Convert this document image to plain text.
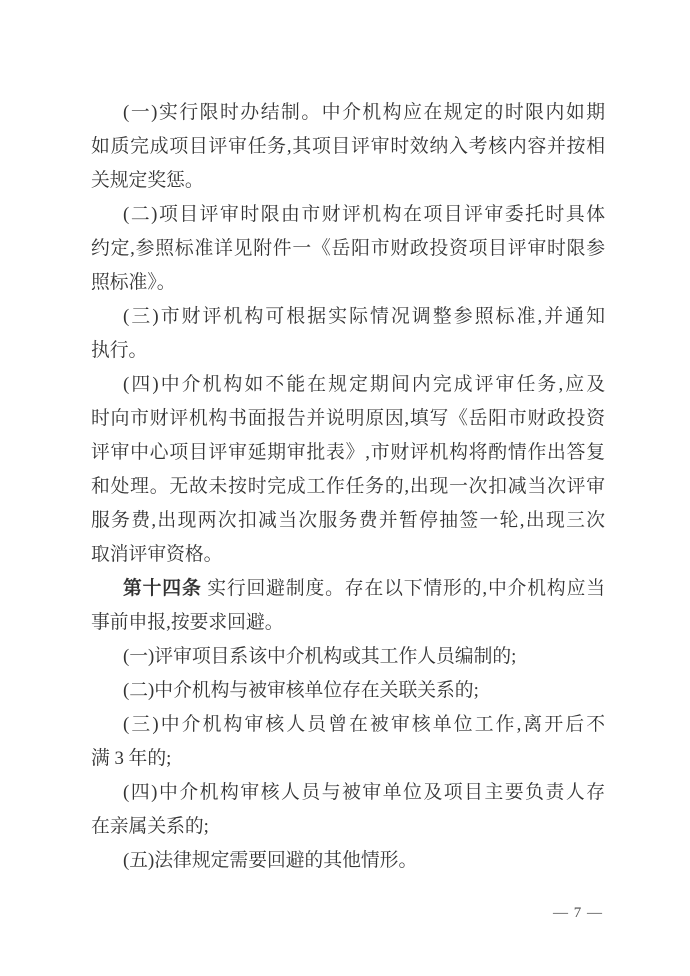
(一)实行限时办结制。中介机构应在规定的时限内如期
如质完成项目评审任务,其项目评审时效纳入考核内容并按相
关规定奖惩。
(二)项目评审时限由市财评机构在项目评审委托时具体
约定,参照标准详见附件一《岳阳市财政投资项目评审时限参
照标准》。
(三)市财评机构可根据实际情况调整参照标准,并通知
执行。
(四)中介机构如不能在规定期间内完成评审任务,应及
时向市财评机构书面报告并说明原因,填写《岳阳市财政投资
评审中心项目评审延期审批表》,市财评机构将酌情作出答复
和处理。无故未按时完成工作任务的,出现一次扣减当次评审
服务费,出现两次扣减当次服务费并暂停抽签一轮,出现三次
取消评审资格。
第十四条 实行回避制度。存在以下情形的,中介机构应当
事前申报,按要求回避。
(一)评审项目系该中介机构或其工作人员编制的;
(二)中介机构与被审核单位存在关联关系的;
(三)中介机构审核人员曾在被审核单位工作,离开后不
满 3 年的;
(四)中介机构审核人员与被审单位及项目主要负责人存
在亲属关系的;
(五)法律规定需要回避的其他情形。
— 7 —
